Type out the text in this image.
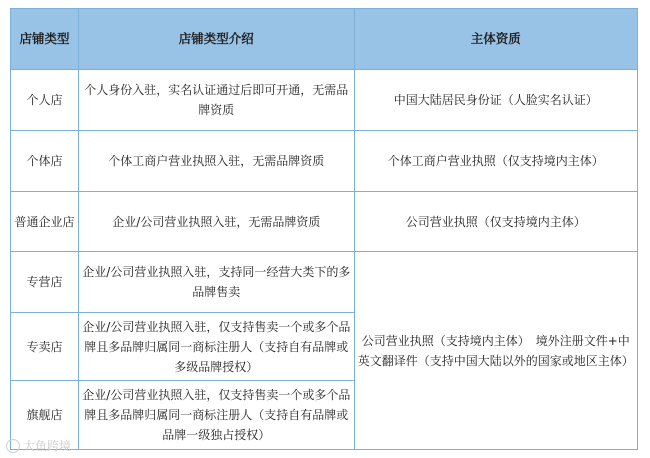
店铺类型	店铺类型介绍	主体资质
个人店	个人身份入驻，实名认证通过后即可开通，无需品牌资质	中国大陆居民身份证（人脸实名认证）
个体店	个体工商户营业执照入驻，无需品牌资质	个体工商户营业执照（仅支持境内主体）
普通企业店	企业/公司营业执照入驻，无需品牌资质	公司营业执照（仅支持境内主体）
专营店	企业/公司营业执照入驻，支持同一经营大类下的多品牌售卖	公司营业执照（支持境内主体）　境外注册文件+中英文翻译件（支持中国大陆以外的国家或地区主体）
专卖店	企业/公司营业执照入驻，仅支持售卖一个或多个品牌且多品牌归属同一商标注册人（支持自有品牌或多级品牌授权）	
旗舰店	企业/公司营业执照入驻，仅支持售卖一个或多个品牌且多品牌归属同一商标注册人（支持自有品牌或品牌一级独占授权）	
大鱼跨境
